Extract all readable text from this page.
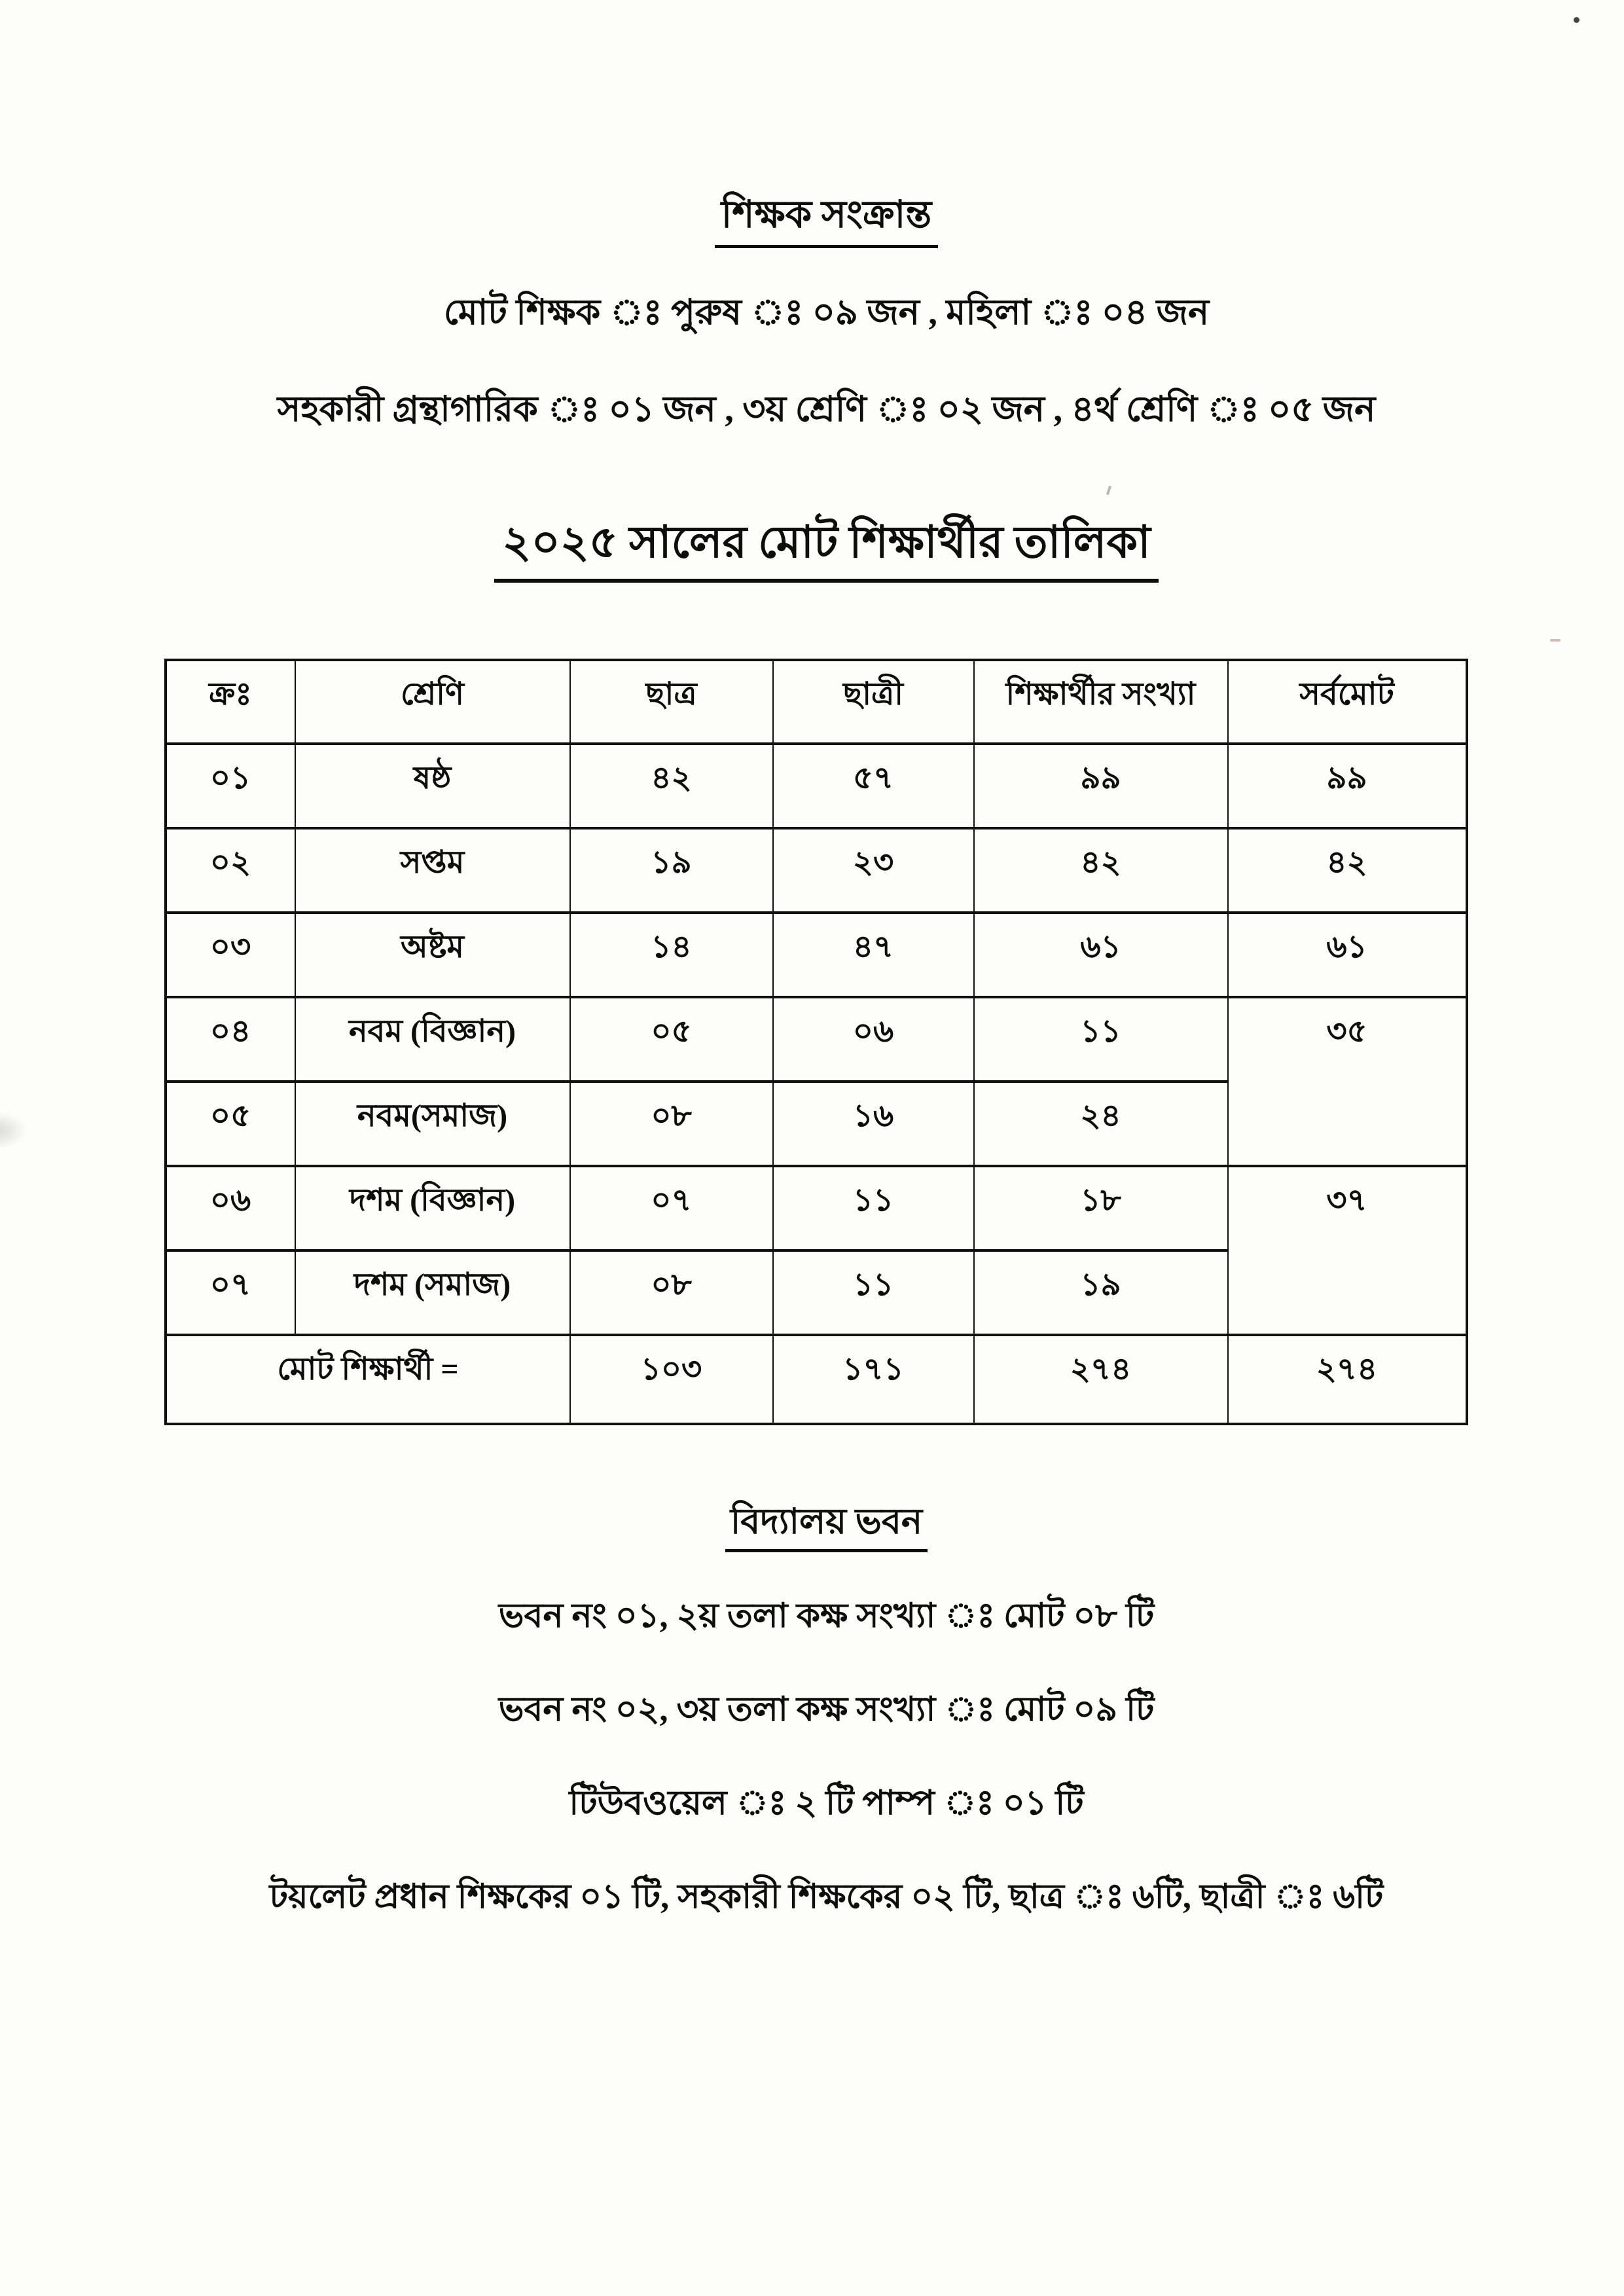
শিক্ষক সংক্রান্ত

মোট শিক্ষক ঃ পুরুষ ঃ ০৯ জন , মহিলা ঃ ০৪ জন

সহকারী গ্রন্থাগারিক ঃ ০১ জন , ৩য় শ্রেণি ঃ ০২ জন , ৪র্থ শ্রেণি ঃ ০৫ জন

২০২৫ সালের মোট শিক্ষার্থীর তালিকা
ক্রঃ	শ্রেণি	ছাত্র	ছাত্রী	শিক্ষার্থীর সংখ্যা	সর্বমোট
০১	ষষ্ঠ	৪২	৫৭	৯৯	৯৯
০২	সপ্তম	১৯	২৩	৪২	৪২
০৩	অষ্টম	১৪	৪৭	৬১	৬১
০৪	নবম (বিজ্ঞান)	০৫	০৬	১১	৩৫
০৫	নবম(সমাজ)	০৮	১৬	২৪	
০৬	দশম (বিজ্ঞান)	০৭	১১	১৮	৩৭
০৭	দশম (সমাজ)	০৮	১১	১৯	
মোট শিক্ষার্থী =		১০৩	১৭১	২৭৪	২৭৪
বিদ্যালয় ভবন

ভবন নং ০১, ২য় তলা কক্ষ সংখ্যা ঃ মোট ০৮ টি

ভবন নং ০২, ৩য় তলা কক্ষ সংখ্যা ঃ মোট ০৯ টি

টিউবওয়েল ঃ ২ টি পাম্প ঃ ০১ টি

টয়লেট প্রধান শিক্ষকের ০১ টি, সহকারী শিক্ষকের ০২ টি, ছাত্র ঃ ৬টি, ছাত্রী ঃ ৬টি
